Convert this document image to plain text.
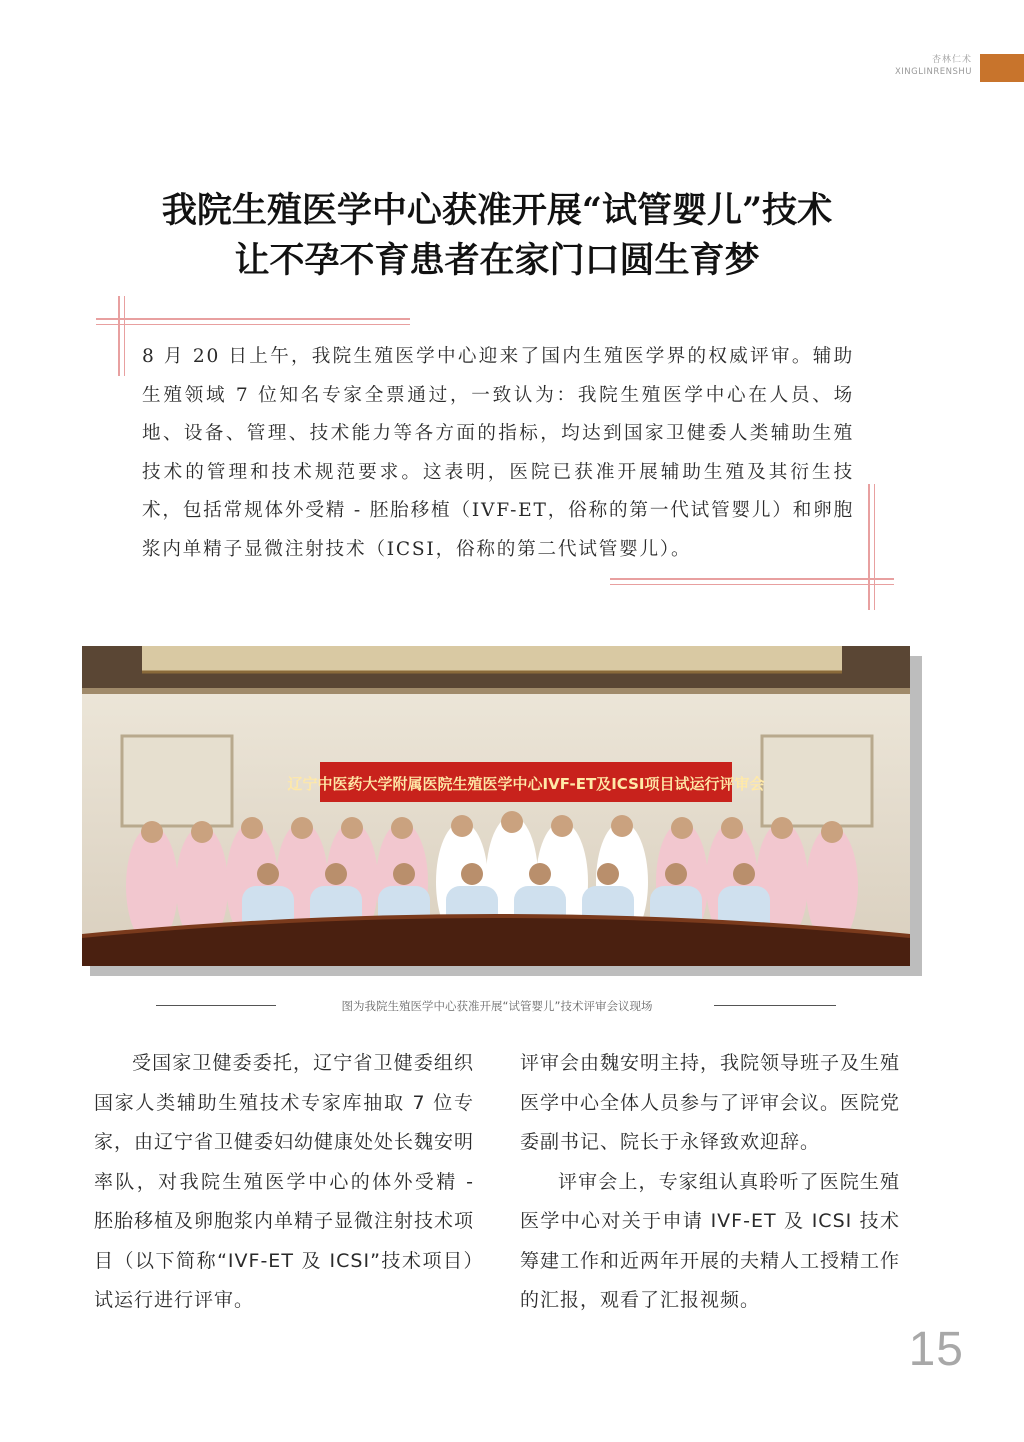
杏林仁术
XINGLINRENSHU
我院生殖医学中心获准开展“试管婴儿”技术
让不孕不育患者在家门口圆生育梦

8 月 20 日上午，我院生殖医学中心迎来了国内生殖医学界的权威评审。辅助生殖领域 7 位知名专家全票通过，一致认为：我院生殖医学中心在人员、场地、设备、管理、技术能力等各方面的指标，均达到国家卫健委人类辅助生殖技术的管理和技术规范要求。这表明，医院已获准开展辅助生殖及其衍生技术，包括常规体外受精 - 胚胎移植（IVF-ET，俗称的第一代试管婴儿）和卵胞浆内单精子显微注射技术（ICSI，俗称的第二代试管婴儿）。

辽宁中医药大学附属医院生殖医学中心IVF-ET及ICSI项目试运行评审会
图为我院生殖医学中心获准开展“试管婴儿”技术评审会议现场

受国家卫健委委托，辽宁省卫健委组织国家人类辅助生殖技术专家库抽取 7 位专家，由辽宁省卫健委妇幼健康处处长魏安明率队，对我院生殖医学中心的体外受精 - 胚胎移植及卵胞浆内单精子显微注射技术项目（以下简称“IVF-ET 及 ICSI”技术项目）试运行进行评审。

评审会由魏安明主持，我院领导班子及生殖医学中心全体人员参与了评审会议。医院党委副书记、院长于永铎致欢迎辞。

评审会上，专家组认真聆听了医院生殖医学中心对关于申请 IVF-ET 及 ICSI 技术筹建工作和近两年开展的夫精人工授精工作的汇报，观看了汇报视频。

15
